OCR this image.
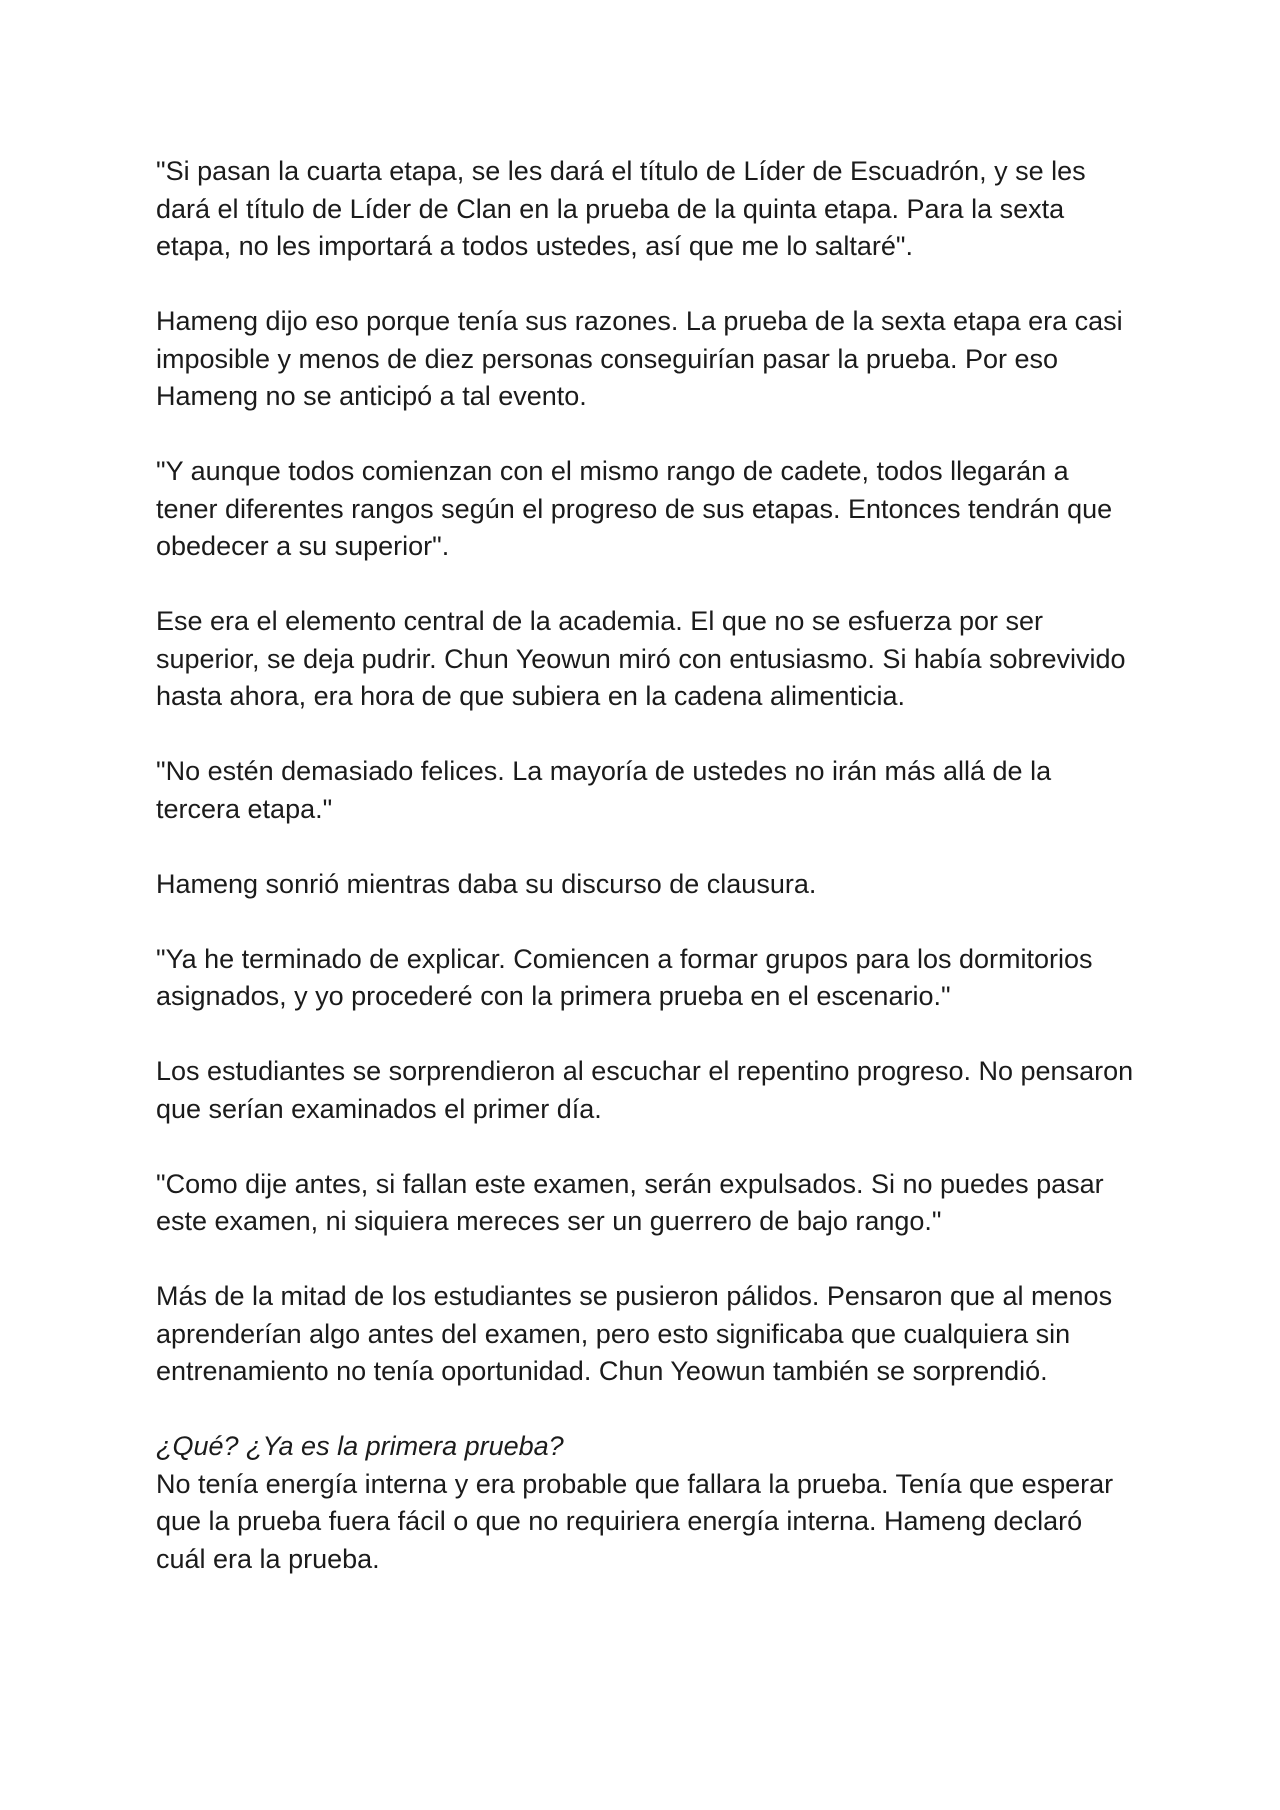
"Si pasan la cuarta etapa, se les dará el título de Líder de Escuadrón, y se les dará el título de Líder de Clan en la prueba de la quinta etapa. Para la sexta etapa, no les importará a todos ustedes, así que me lo saltaré".

Hameng dijo eso porque tenía sus razones. La prueba de la sexta etapa era casi imposible y menos de diez personas conseguirían pasar la prueba. Por eso Hameng no se anticipó a tal evento.

"Y aunque todos comienzan con el mismo rango de cadete, todos llegarán a tener diferentes rangos según el progreso de sus etapas. Entonces tendrán que obedecer a su superior".

Ese era el elemento central de la academia. El que no se esfuerza por ser superior, se deja pudrir. Chun Yeowun miró con entusiasmo. Si había sobrevivido hasta ahora, era hora de que subiera en la cadena alimenticia.

"No estén demasiado felices. La mayoría de ustedes no irán más allá de la tercera etapa."

Hameng sonrió mientras daba su discurso de clausura.

"Ya he terminado de explicar. Comiencen a formar grupos para los dormitorios asignados, y yo procederé con la primera prueba en el escenario."

Los estudiantes se sorprendieron al escuchar el repentino progreso. No pensaron que serían examinados el primer día.

"Como dije antes, si fallan este examen, serán expulsados. Si no puedes pasar este examen, ni siquiera mereces ser un guerrero de bajo rango."

Más de la mitad de los estudiantes se pusieron pálidos. Pensaron que al menos aprenderían algo antes del examen, pero esto significaba que cualquiera sin entrenamiento no tenía oportunidad. Chun Yeowun también se sorprendió.

¿Qué? ¿Ya es la primera prueba?

No tenía energía interna y era probable que fallara la prueba. Tenía que esperar que la prueba fuera fácil o que no requiriera energía interna. Hameng declaró cuál era la prueba.
